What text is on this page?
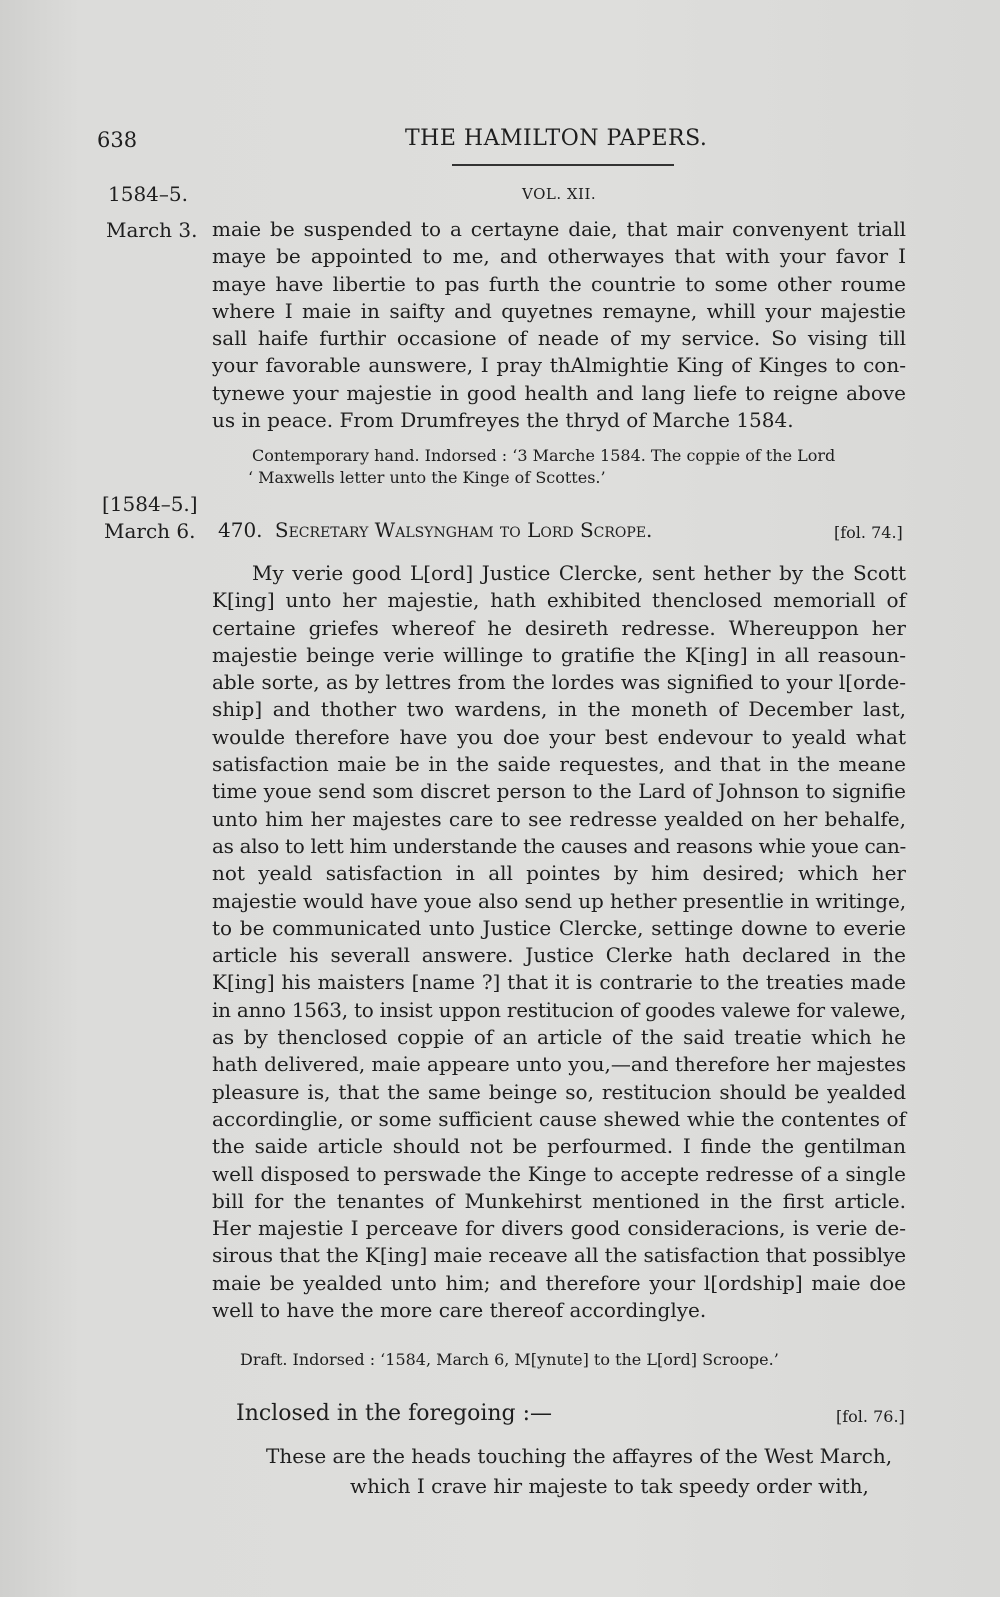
638	THE HAMILTON PAPERS.
1584–5.	VOL. XII.
March 3. maie be suspended to a certayne daie, that mair convenyent triall
maye be appointed to me, and otherwayes that with your favor I
maye have libertie to pas furth the countrie to some other roume
where I maie in saifty and quyetnes remayne, whill your majestie
sall haife furthir occasione of neade of my service. So vising till
your favorable aunswere, I pray thAlmightie King of Kinges to con-
tynewe your majestie in good health and lang liefe to reigne above
us in peace. From Drumfreyes the thryd of Marche 1584.
Contemporary hand. Indorsed : ‘3 Marche 1584. The coppie of the Lord
‘ Maxwells letter unto the Kinge of Scottes.’
[1584–5.]
March 6. 470. Secretary Walsyngham to Lord Scrope.	[fol. 74.]
My verie good L[ord] Justice Clercke, sent hether by the Scott
K[ing] unto her majestie, hath exhibited thenclosed memoriall of
certaine griefes whereof he desireth redresse. Whereuppon her
majestie beinge verie willinge to gratifie the K[ing] in all reasoun-
able sorte, as by lettres from the lordes was signified to your l[orde-
ship] and thother two wardens, in the moneth of December last,
woulde therefore have you doe your best endevour to yeald what
satisfaction maie be in the saide requestes, and that in the meane
time youe send som discret person to the Lard of Johnson to signifie
unto him her majestes care to see redresse yealded on her behalfe,
as also to lett him understande the causes and reasons whie youe can-
not yeald satisfaction in all pointes by him desired; which her
majestie would have youe also send up hether presentlie in writinge,
to be communicated unto Justice Clercke, settinge downe to everie
article his severall answere. Justice Clerke hath declared in the
K[ing] his maisters [name ?] that it is contrarie to the treaties made
in anno 1563, to insist uppon restitucion of goodes valewe for valewe,
as by thenclosed coppie of an article of the said treatie which he
hath delivered, maie appeare unto you,—and therefore her majestes
pleasure is, that the same beinge so, restitucion should be yealded
accordinglie, or some sufficient cause shewed whie the contentes of
the saide article should not be perfourmed. I finde the gentilman
well disposed to perswade the Kinge to accepte redresse of a single
bill for the tenantes of Munkehirst mentioned in the first article.
Her majestie I perceave for divers good consideracions, is verie de-
sirous that the K[ing] maie receave all the satisfaction that possiblye
maie be yealded unto him; and therefore your l[ordship] maie doe
well to have the more care thereof accordinglye.
Draft. Indorsed : ‘1584, March 6, M[ynute] to the L[ord] Scroope.’
Inclosed in the foregoing :—	[fol. 76.]
These are the heads touching the affayres of the West March,
which I crave hir majeste to tak speedy order with,
